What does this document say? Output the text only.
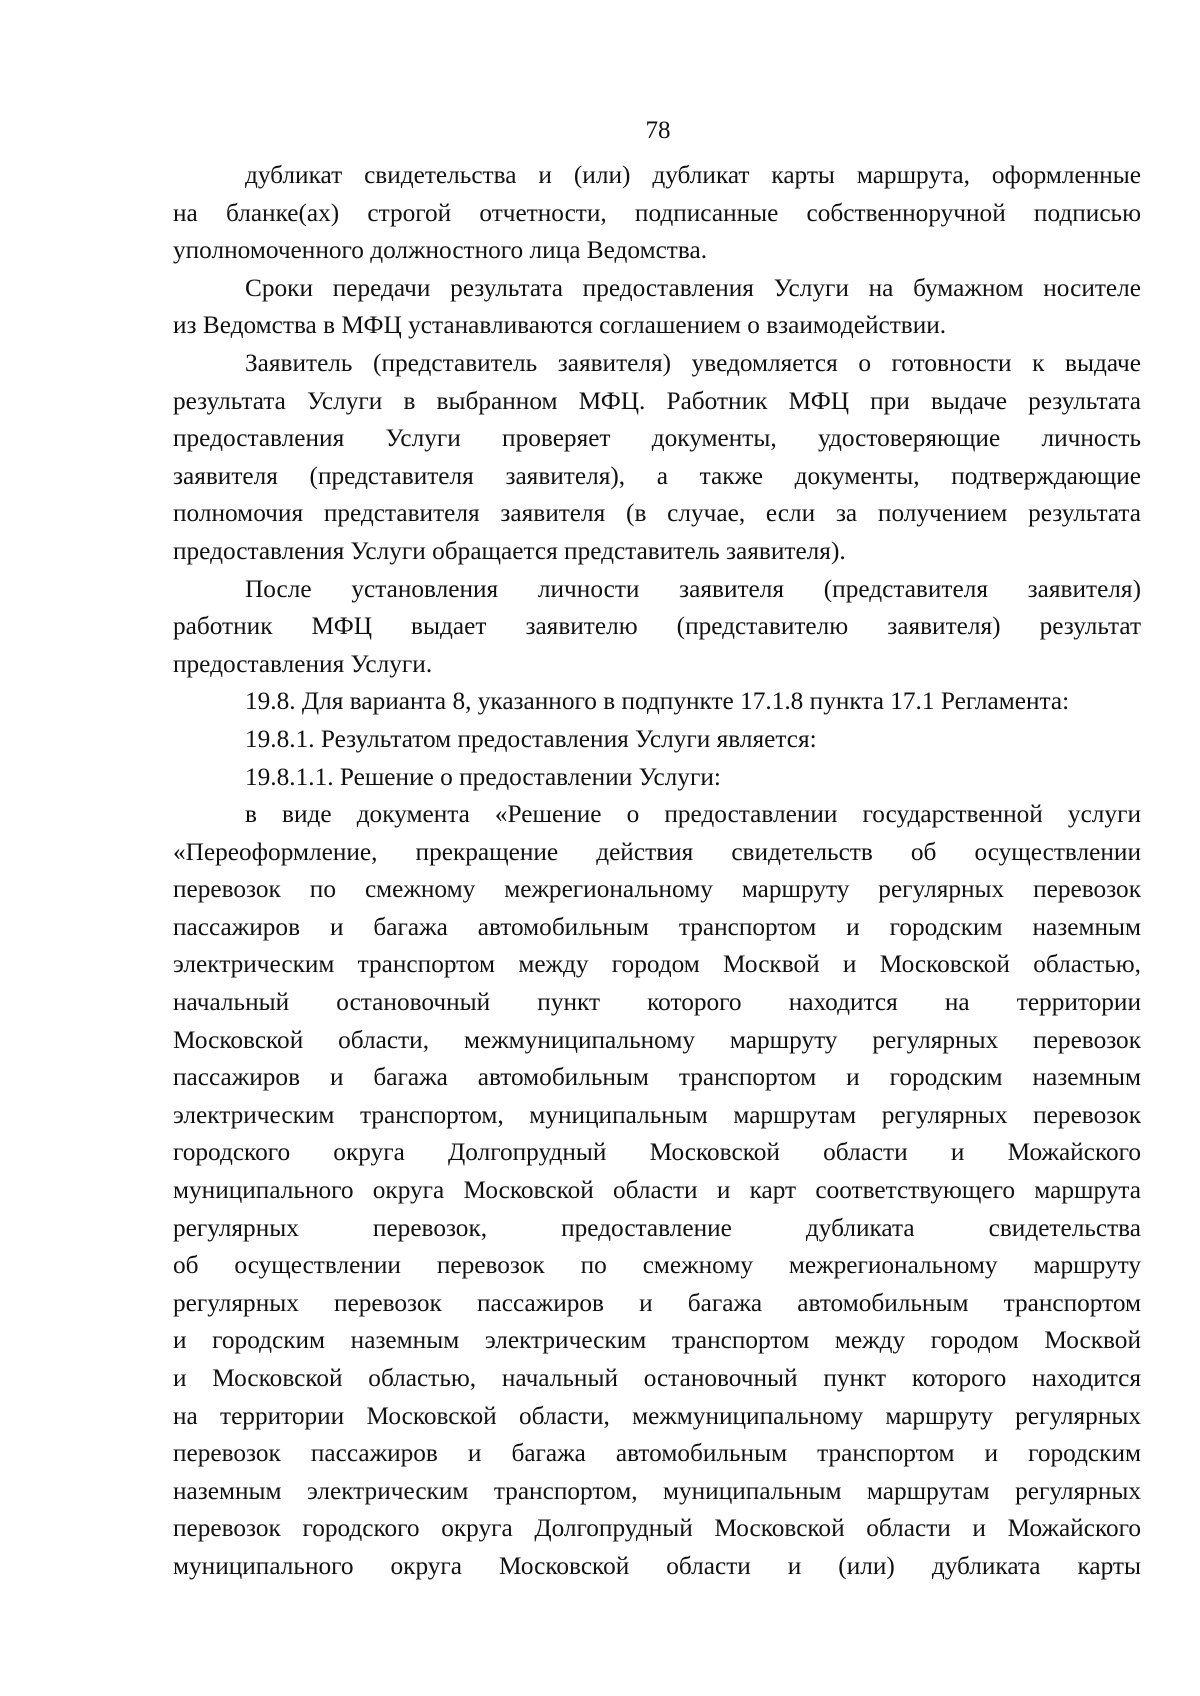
78
дубликат свидетельства и (или) дубликат карты маршрута, оформленные
на бланке(ах) строгой отчетности, подписанные собственноручной подписью
уполномоченного должностного лица Ведомства.
Сроки передачи результата предоставления Услуги на бумажном носителе
из Ведомства в МФЦ устанавливаются соглашением о взаимодействии.
Заявитель (представитель заявителя) уведомляется о готовности к выдаче
результата Услуги в выбранном МФЦ. Работник МФЦ при выдаче результата
предоставления Услуги проверяет документы, удостоверяющие личность
заявителя (представителя заявителя), а также документы, подтверждающие
полномочия представителя заявителя (в случае, если за получением результата
предоставления Услуги обращается представитель заявителя).
После установления личности заявителя (представителя заявителя)
работник МФЦ выдает заявителю (представителю заявителя) результат
предоставления Услуги.
19.8. Для варианта 8, указанного в подпункте 17.1.8 пункта 17.1 Регламента:
19.8.1. Результатом предоставления Услуги является:
19.8.1.1. Решение о предоставлении Услуги:
в виде документа «Решение о предоставлении государственной услуги
«Переоформление, прекращение действия свидетельств об осуществлении
перевозок по смежному межрегиональному маршруту регулярных перевозок
пассажиров и багажа автомобильным транспортом и городским наземным
электрическим транспортом между городом Москвой и Московской областью,
начальный остановочный пункт которого находится на территории
Московской области, межмуниципальному маршруту регулярных перевозок
пассажиров и багажа автомобильным транспортом и городским наземным
электрическим транспортом, муниципальным маршрутам регулярных перевозок
городского округа Долгопрудный Московской области и Можайского
муниципального округа Московской области и карт соответствующего маршрута
регулярных перевозок, предоставление дубликата свидетельства
об осуществлении перевозок по смежному межрегиональному маршруту
регулярных перевозок пассажиров и багажа автомобильным транспортом
и городским наземным электрическим транспортом между городом Москвой
и Московской областью, начальный остановочный пункт которого находится
на территории Московской области, межмуниципальному маршруту регулярных
перевозок пассажиров и багажа автомобильным транспортом и городским
наземным электрическим транспортом, муниципальным маршрутам регулярных
перевозок городского округа Долгопрудный Московской области и Можайского
муниципального округа Московской области и (или) дубликата карты
